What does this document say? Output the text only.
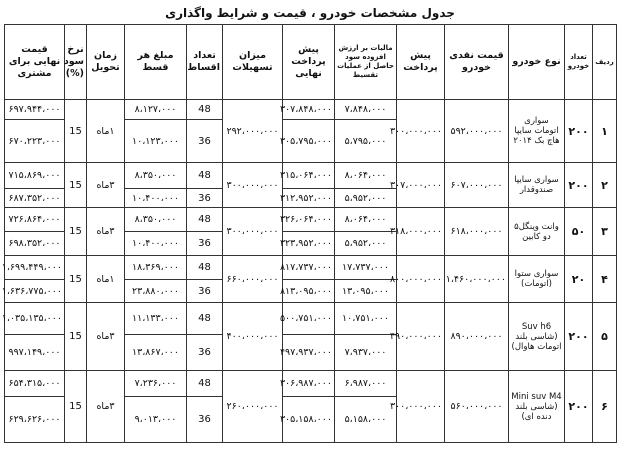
جدول مشخصات خودرو ، قیمت و شرایط واگذاری
ردیف	تعداد خودرو	نوع خودرو	قیمت نقدی خودرو	پیش پرداخت	مالیات بر ارزش افزوده سود حاصل از عملیات تقسیط	پیش پرداخت نهایی	میزان تسهیلات	تعداد اقساط	مبلغ هر قسط	زمان تحویل	نرخ سود (%)	قیمت نهایی برای مشتری
۱	۲۰۰	سواری اتومات سایپا هاچ بک ۲۰۱۴	۵۹۲،۰۰۰،۰۰۰	۳۰۰،۰۰۰،۰۰۰	۷،۸۴۸،۰۰۰	۳۰۷،۸۴۸،۰۰۰	۲۹۲،۰۰۰،۰۰۰	48	۸،۱۲۷،۰۰۰	۱ماه	15	۶۹۷،۹۴۴،۰۰۰
					۵،۷۹۵،۰۰۰	۳۰۵،۷۹۵،۰۰۰		36	۱۰،۱۲۳،۰۰۰			۶۷۰،۲۲۳،۰۰۰
۲	۲۰۰	سواری سایپا صندوقدار	۶۰۷،۰۰۰،۰۰۰	۳۰۷،۰۰۰،۰۰۰	۸،۰۶۴،۰۰۰	۳۱۵،۰۶۴،۰۰۰	۳۰۰،۰۰۰،۰۰۰	48	۸،۳۵۰،۰۰۰	۳ماه	15	۷۱۵،۸۶۹،۰۰۰
					۵،۹۵۲،۰۰۰	۳۱۲،۹۵۲،۰۰۰		36	۱۰،۴۰۰،۰۰۰			۶۸۷،۳۵۲،۰۰۰
۳	۵۰	وانت وینگل۵ دو کابین	۶۱۸،۰۰۰،۰۰۰	۳۱۸،۰۰۰،۰۰۰	۸،۰۶۴،۰۰۰	۳۲۶،۰۶۴،۰۰۰	۳۰۰،۰۰۰،۰۰۰	48	۸،۳۵۰،۰۰۰	۳ماه	15	۷۲۶،۸۶۴،۰۰۰
					۵،۹۵۲،۰۰۰	۳۲۳،۹۵۲،۰۰۰		36	۱۰،۴۰۰،۰۰۰			۶۹۸،۳۵۲،۰۰۰
۴	۲۰	سواری ستوا (اتومات)	۱،۴۶۰،۰۰۰،۰۰۰	۸۰۰،۰۰۰،۰۰۰	۱۷،۷۳۷،۰۰۰	۸۱۷،۷۳۷،۰۰۰	۶۶۰،۰۰۰،۰۰۰	48	۱۸،۳۶۹،۰۰۰	۱ماه	15	۱،۶۹۹،۴۴۹،۰۰۰
					۱۳،۰۹۵،۰۰۰	۸۱۳،۰۹۵،۰۰۰		36	۲۳،۸۸۰،۰۰۰			۱،۶۳۶،۷۷۵،۰۰۰
۵	۲۰۰	Suv h6 (شاسی بلند اتومات هاوال)	۸۹۰،۰۰۰،۰۰۰	۴۹۰،۰۰۰،۰۰۰	۱۰،۷۵۱،۰۰۰	۵۰۰،۷۵۱،۰۰۰	۴۰۰،۰۰۰،۰۰۰	48	۱۱،۱۳۳،۰۰۰	۳ماه	15	۱،۰۳۵،۱۳۵،۰۰۰
					۷،۹۳۷،۰۰۰	۴۹۷،۹۳۷،۰۰۰		36	۱۳،۸۶۷،۰۰۰			۹۹۷،۱۴۹،۰۰۰
۶	۲۰۰	Mini suv M4 (شاسی بلند دنده ای)	۵۶۰،۰۰۰،۰۰۰	۳۰۰،۰۰۰،۰۰۰	۶،۹۸۷،۰۰۰	۳۰۶،۹۸۷،۰۰۰	۲۶۰،۰۰۰،۰۰۰	48	۷،۲۳۶،۰۰۰	۳ماه	15	۶۵۴،۳۱۵،۰۰۰
					۵،۱۵۸،۰۰۰	۳۰۵،۱۵۸،۰۰۰		36	۹،۰۱۳،۰۰۰			۶۲۹،۶۲۶،۰۰۰
